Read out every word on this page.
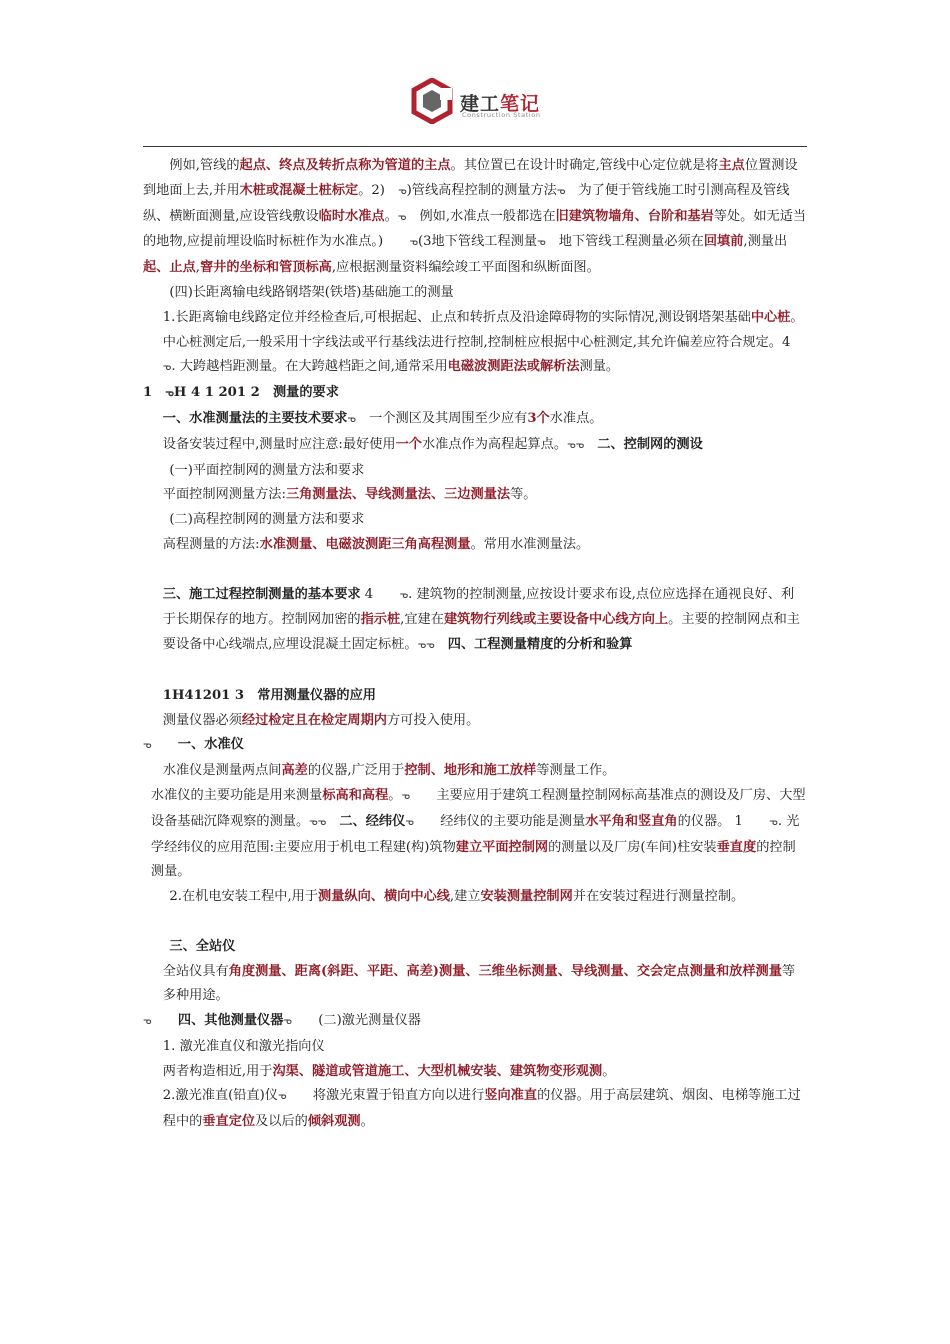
建工笔记
Construction Station

例如,管线的起点、终点及转折点称为管道的主点。其位置已在设计时确定,管线中心定位就是将主点位置测设到地面上去,并用木桩或混凝土桩标定。2)　ᓀ)管线高程控制的测量方法ᓀ　为了便于管线施工时引测高程及管线纵、横断面测量,应设管线敷设临时水准点。ᓀ　例如,水准点一般都选在旧建筑物墙角、台阶和基岩等处。如无适当的地物,应提前埋设临时标桩作为水准点。)　　ᓀ(3地下管线工程测量ᓀ　地下管线工程测量必须在回填前,测量出起、止点,窨井的坐标和管顶标高,应根据测量资料编绘竣工平面图和纵断面图。

(四)长距离输电线路钢塔架(铁塔)基础施工的测量

1.长距离输电线路定位并经检查后,可根据起、止点和转折点及沿途障碍物的实际情况,测设钢塔架基础中心桩。中心桩测定后,一般采用十字线法或平行基线法进行控制,控制桩应根据中心桩测定,其允许偏差应符合规定。4　ᓀ. 大跨越档距测量。在大跨越档距之间,通常采用电磁波测距法或解析法测量。

1　ᓀH 4 1 201 2　测量的要求

一、水准测量法的主要技术要求ᓀ　一个测区及其周围至少应有3个水准点。

设备安装过程中,测量时应注意:最好使用一个水准点作为高程起算点。ᓀᓀ　二、控制网的测设

(一)平面控制网的测量方法和要求

平面控制网测量方法:三角测量法、导线测量法、三边测量法等。

(二)高程控制网的测量方法和要求

高程测量的方法:水准测量、电磁波测距三角高程测量。常用水准测量法。

三、施工过程控制测量的基本要求 4　　ᓀ. 建筑物的控制测量,应按设计要求布设,点位应选择在通视良好、利于长期保存的地方。控制网加密的指示桩,宜建在建筑物行列线或主要设备中心线方向上。主要的控制网点和主要设备中心线端点,应埋设混凝土固定标桩。ᓀᓀ　四、工程测量精度的分析和验算

1H41201 3　常用测量仪器的应用

测量仪器必须经过检定且在检定周期内方可投入使用。

ᓀ　　一、水准仪

水准仪是测量两点间高差的仪器,广泛用于控制、地形和施工放样等测量工作。

水准仪的主要功能是用来测量标高和高程。ᓀ　　主要应用于建筑工程测量控制网标高基准点的测设及厂房、大型设备基础沉降观察的测量。ᓀᓀ　二、经纬仪ᓀ　　经纬仪的主要功能是测量水平角和竖直角的仪器。 1　　ᓀ. 光学经纬仪的应用范围:主要应用于机电工程建(构)筑物建立平面控制网的测量以及厂房(车间)柱安装垂直度的控制测量。

2.在机电安装工程中,用于测量纵向、横向中心线,建立安装测量控制网并在安装过程进行测量控制。

三、全站仪

全站仪具有角度测量、距离(斜距、平距、高差)测量、三维坐标测量、导线测量、交会定点测量和放样测量等多种用途。

ᓀ　　四、其他测量仪器ᓀ　　(二)激光测量仪器

1. 激光准直仪和激光指向仪

两者构造相近,用于沟渠、隧道或管道施工、大型机械安装、建筑物变形观测。

2.激光准直(铅直)仪ᓀ　　将激光束置于铅直方向以进行竖向准直的仪器。用于高层建筑、烟囱、电梯等施工过程中的垂直定位及以后的倾斜观测。
